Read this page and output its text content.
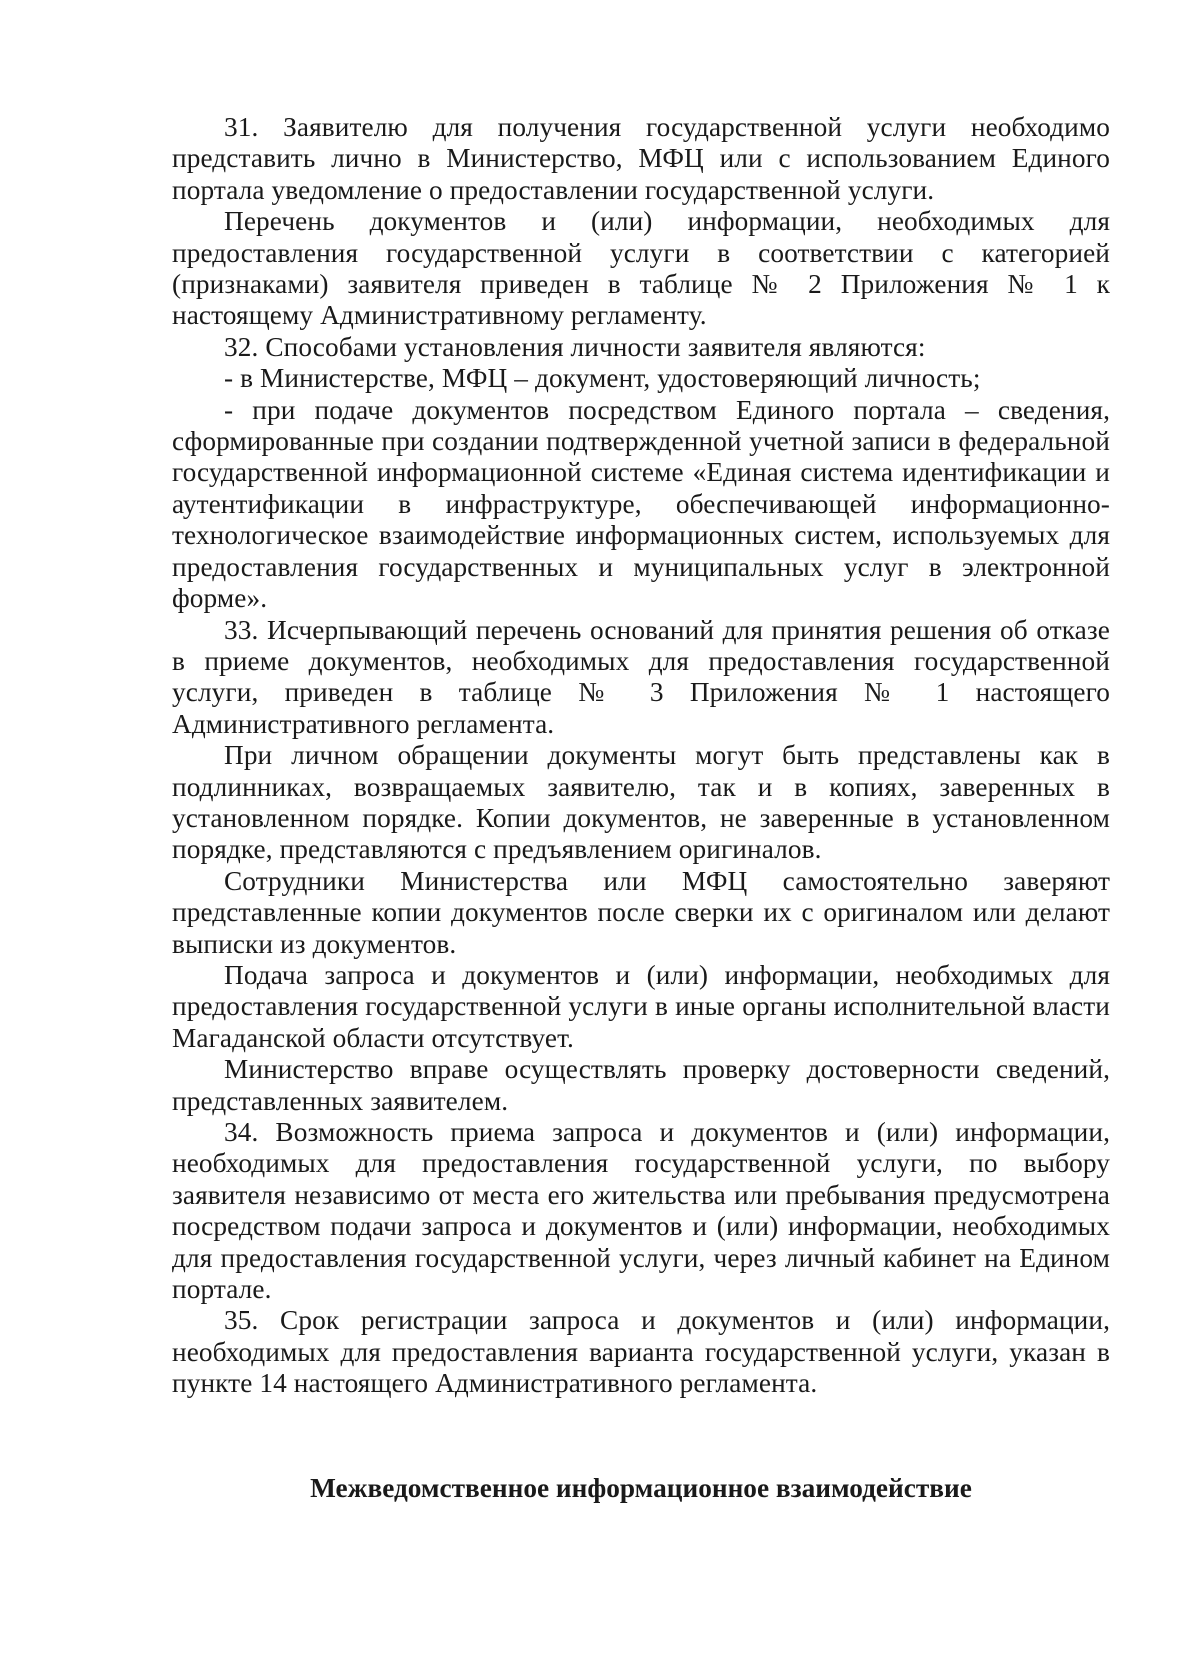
31. Заявителю для получения государственной услуги необходимо представить лично в Министерство, МФЦ или с использованием Единого портала уведомление о предоставлении государственной услуги.

Перечень документов и (или) информации, необходимых для предоставления государственной услуги в соответствии с категорией (признаками) заявителя приведен в таблице № 2 Приложения № 1 к настоящему Административному регламенту.

32. Способами установления личности заявителя являются:

- в Министерстве, МФЦ – документ, удостоверяющий личность;

- при подаче документов посредством Единого портала – сведения, сформированные при создании подтвержденной учетной записи в федеральной государственной информационной системе «Единая система идентификации и аутентификации в инфраструктуре, обеспечивающей информационно-технологическое взаимодействие информационных систем, используемых для предоставления государственных и муниципальных услуг в электронной форме».

33. Исчерпывающий перечень оснований для принятия решения об отказе в приеме документов, необходимых для предоставления государственной услуги, приведен в таблице № 3 Приложения № 1 настоящего Административного регламента.

При личном обращении документы могут быть представлены как в подлинниках, возвращаемых заявителю, так и в копиях, заверенных в установленном порядке. Копии документов, не заверенные в установленном порядке, представляются с предъявлением оригиналов.

Сотрудники Министерства или МФЦ самостоятельно заверяют представленные копии документов после сверки их с оригиналом или делают выписки из документов.

Подача запроса и документов и (или) информации, необходимых для предоставления государственной услуги в иные органы исполнительной власти Магаданской области отсутствует.

Министерство вправе осуществлять проверку достоверности сведений, представленных заявителем.

34. Возможность приема запроса и документов и (или) информации, необходимых для предоставления государственной услуги, по выбору заявителя независимо от места его жительства или пребывания предусмотрена посредством подачи запроса и документов и (или) информации, необходимых для предоставления государственной услуги, через личный кабинет на Едином портале.

35. Срок регистрации запроса и документов и (или) информации, необходимых для предоставления варианта государственной услуги, указан в пункте 14 настоящего Административного регламента.

Межведомственное информационное взаимодействие
